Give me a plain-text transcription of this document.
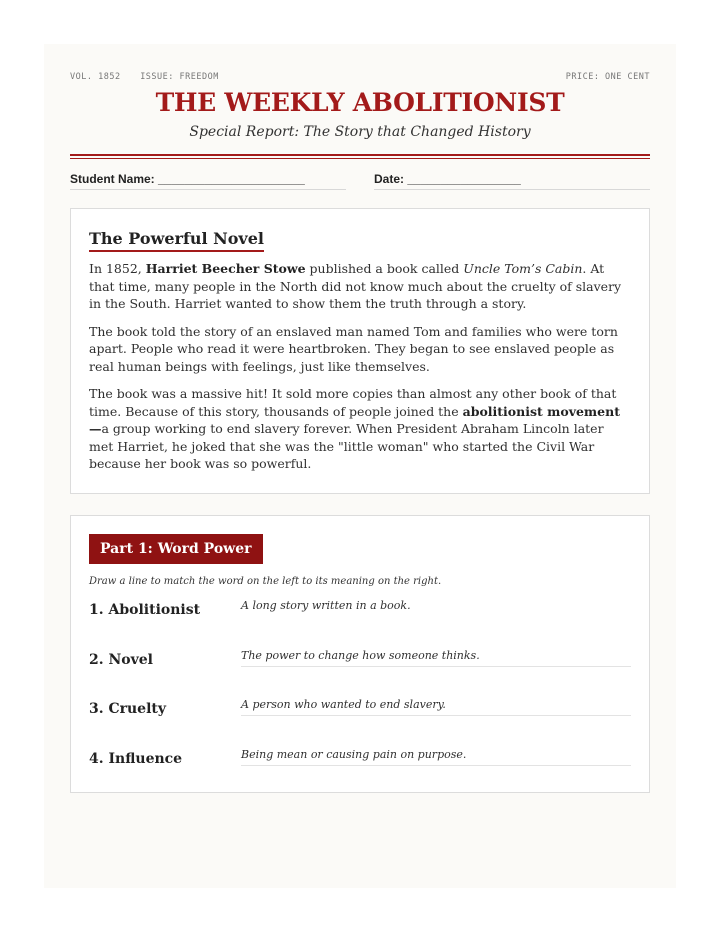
VOL. 1852 ISSUE: FREEDOM	PRICE: ONE CENT
THE WEEKLY ABOLITIONIST
Special Report: The Story that Changed History
Student Name: ______________________	Date: _________________
The Powerful Novel

In 1852, Harriet Beecher Stowe published a book called Uncle Tom’s Cabin. At that time, many people in the North did not know much about the cruelty of slavery in the South. Harriet wanted to show them the truth through a story.

The book told the story of an enslaved man named Tom and families who were torn apart. People who read it were heartbroken. They began to see enslaved people as real human beings with feelings, just like themselves.

The book was a massive hit! It sold more copies than almost any other book of that time. Because of this story, thousands of people joined the abolitionist movement—a group working to end slavery forever. When President Abraham Lincoln later met Harriet, he joked that she was the "little woman" who started the Civil War because her book was so powerful.

Part 1: Word Power
Draw a line to match the word on the left to its meaning on the right.
1. Abolitionist	A long story written in a book.
2. Novel	The power to change how someone thinks.
3. Cruelty	A person who wanted to end slavery.
4. Influence	Being mean or causing pain on purpose.
